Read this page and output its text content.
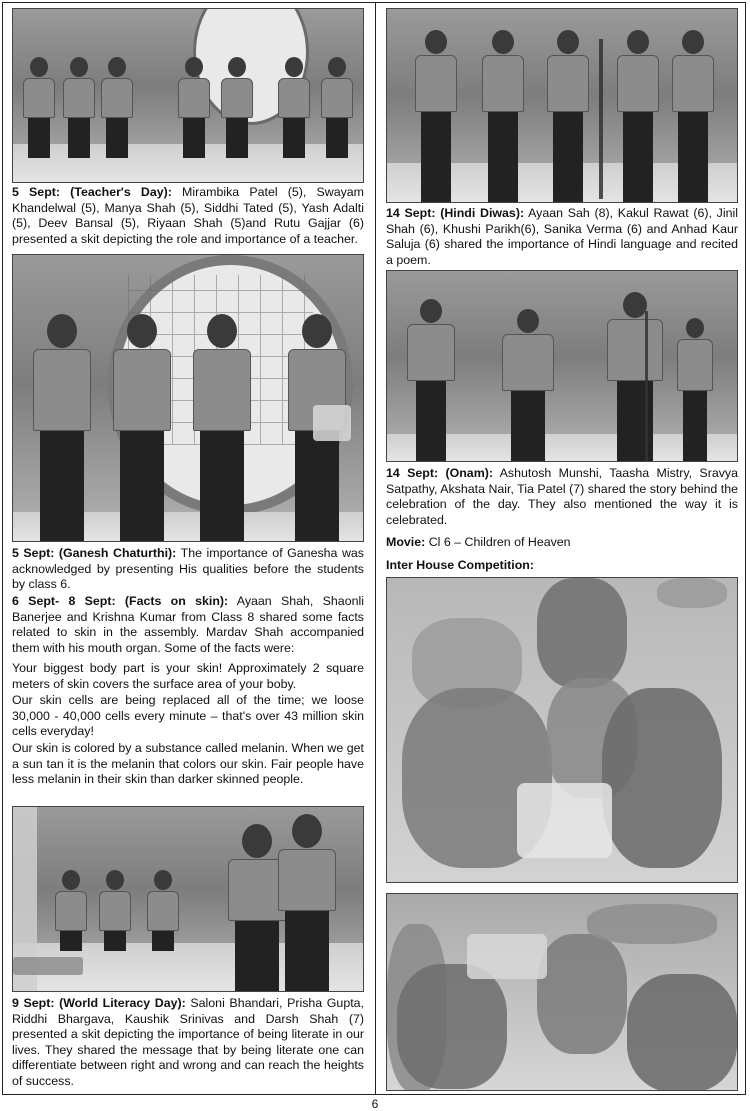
5 Sept: (Teacher's Day): Mirambika Patel (5), Swayam Khandelwal (5), Manya Shah (5), Siddhi Tated (5), Yash Adalti (5), Deev Bansal (5), Riyaan Shah (5)and Rutu Gajjar (6) presented a skit depicting the role and importance of a teacher.

5 Sept: (Ganesh Chaturthi): The importance of Ganesha was acknowledged by presenting His qualities before the students by class 6.

6 Sept- 8 Sept: (Facts on skin): Ayaan Shah, Shaonli Banerjee and Krishna Kumar from Class 8 shared some facts related to skin in the assembly. Mardav Shah accompanied them with his mouth organ. Some of the facts were:

Your biggest body part is your skin! Approximately 2 square meters of skin covers the surface area of your boby.

Our skin cells are being replaced all of the time; we loose 30,000 - 40,000 cells every minute – that's over 43 million skin cells everyday!

Our skin is colored by a substance called melanin. When we get a sun tan it is the melanin that colors our skin. Fair people have less melanin in their skin than darker skinned people.

9 Sept: (World Literacy Day): Saloni Bhandari, Prisha Gupta, Riddhi Bhargava, Kaushik Srinivas and Darsh Shah (7) presented a skit depicting the importance of being literate in our lives. They shared the message that by being literate one can differentiate between right and wrong and can reach the heights of success.

14 Sept: (Hindi Diwas): Ayaan Sah (8), Kakul Rawat (6), Jinil Shah (6), Khushi Parikh(6), Sanika Verma (6) and Anhad Kaur Saluja (6) shared the importance of Hindi language and recited a poem.

14 Sept: (Onam): Ashutosh Munshi, Taasha Mistry, Sravya Satpathy, Akshata Nair, Tia Patel (7) shared the story behind the celebration of the day. They also mentioned the way it is celebrated.

Movie: Cl 6 – Children of Heaven

Inter House Competition:

6
